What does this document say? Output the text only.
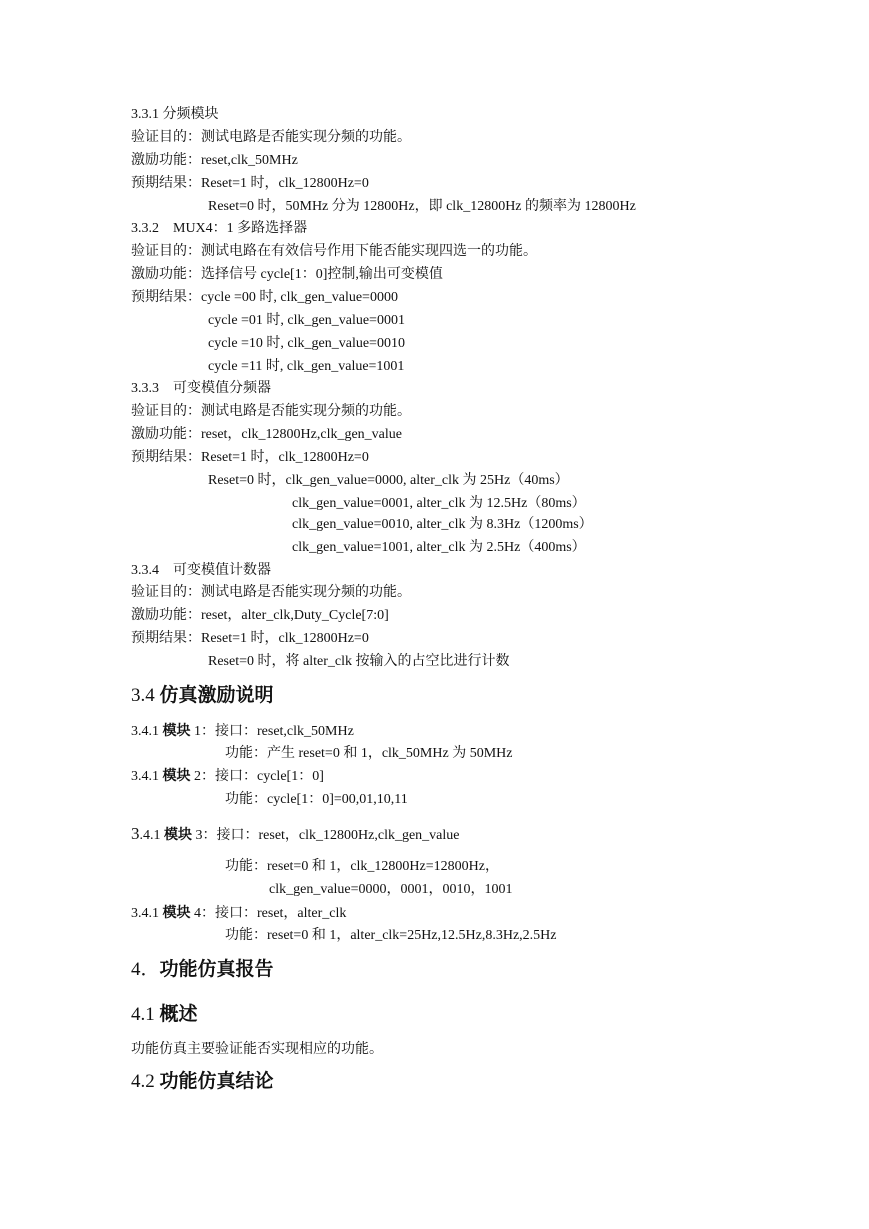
3.3.1 分频模块
验证目的：测试电路是否能实现分频的功能。
激励功能：reset,clk_50MHz
预期结果：Reset=1 时，clk_12800Hz=0
Reset=0 时，50MHz 分为 12800Hz，即 clk_12800Hz 的频率为 12800Hz
3.3.2　MUX4：1 多路选择器
验证目的：测试电路在有效信号作用下能否能实现四选一的功能。
激励功能：选择信号 cycle[1：0]控制,输出可变模值
预期结果：cycle =00 时, clk_gen_value=0000
cycle =01 时, clk_gen_value=0001
cycle =10 时, clk_gen_value=0010
cycle =11 时, clk_gen_value=1001
3.3.3　可变模值分频器
验证目的：测试电路是否能实现分频的功能。
激励功能：reset，clk_12800Hz,clk_gen_value
预期结果：Reset=1 时，clk_12800Hz=0
Reset=0 时，clk_gen_value=0000, alter_clk 为 25Hz（40ms）
clk_gen_value=0001, alter_clk 为 12.5Hz（80ms）
clk_gen_value=0010, alter_clk 为 8.3Hz（1200ms）
clk_gen_value=1001, alter_clk 为 2.5Hz（400ms）
3.3.4　可变模值计数器
验证目的：测试电路是否能实现分频的功能。
激励功能：reset，alter_clk,Duty_Cycle[7:0]
预期结果：Reset=1 时，clk_12800Hz=0
Reset=0 时，将 alter_clk 按输入的占空比进行计数
3.4 仿真激励说明
3.4.1 模块 1：接口：reset,clk_50MHz
功能：产生 reset=0 和 1，clk_50MHz 为 50MHz
3.4.1 模块 2：接口：cycle[1：0]
功能：cycle[1：0]=00,01,10,11
3.4.1 模块 3：接口：reset，clk_12800Hz,clk_gen_value
功能：reset=0 和 1，clk_12800Hz=12800Hz，
clk_gen_value=0000，0001，0010，1001
3.4.1 模块 4：接口：reset，alter_clk
功能：reset=0 和 1，alter_clk=25Hz,12.5Hz,8.3Hz,2.5Hz
4．功能仿真报告
4.1 概述
功能仿真主要验证能否实现相应的功能。
4.2 功能仿真结论
